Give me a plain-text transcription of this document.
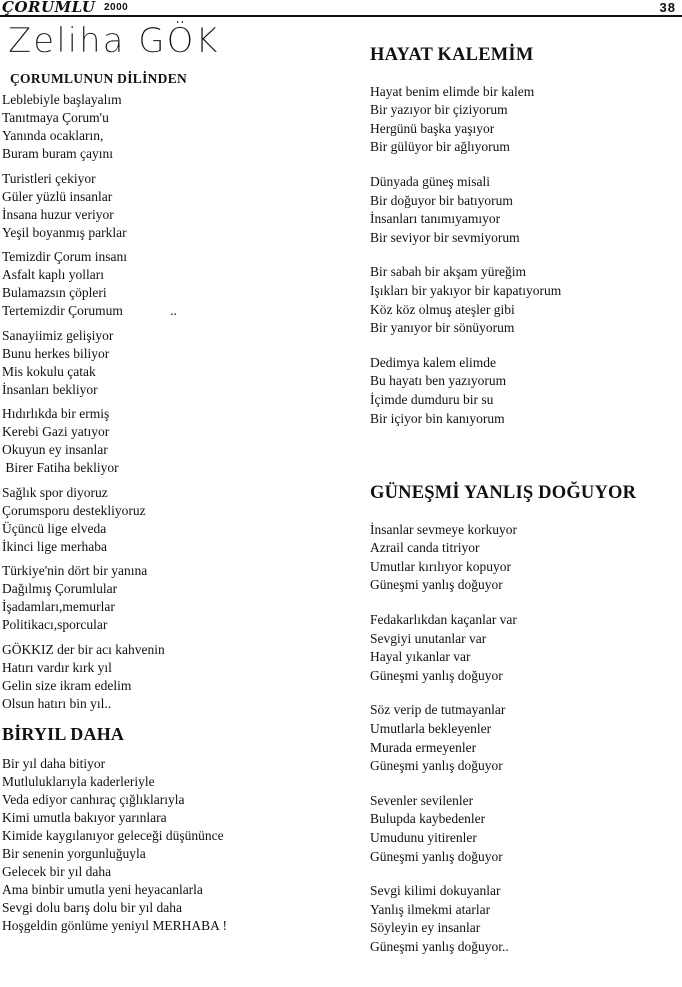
ÇORUMLU 2000	38
Zeliha GÖK
ÇORUMLUNUN DİLİNDEN
Leblebiyle başlayalım
Tanıtmaya Çorum'u
Yanında ocakların,
Buram buram çayını
Turistleri çekiyor
Güler yüzlü insanlar
İnsana huzur veriyor
Yeşil boyanmış parklar
Temizdir Çorum insanı
Asfalt kaplı yolları
Bulamazsın çöpleri
Tertemizdir Çorumum              ..
Sanayiimiz gelişiyor
Bunu herkes biliyor
Mis kokulu çatak
İnsanları bekliyor
Hıdırlıkda bir ermiş
Kerebi Gazi yatıyor
Okuyun ey insanlar
Birer Fatiha bekliyor
Sağlık spor diyoruz
Çorumsporu destekliyoruz
Üçüncü lige elveda
İkinci lige merhaba
Türkiye'nin dört bir yanına
Dağılmış Çorumlular
İşadamları,memurlar
Politikacı,sporcular
GÖKKIZ der bir acı kahvenin
Hatırı vardır kırk yıl
Gelin size ikram edelim
Olsun hatırı bin yıl..
BİRYIL DAHA
Bir yıl daha bitiyor
Mutluluklarıyla kaderleriyle
Veda ediyor canhıraç çığlıklarıyla
Kimi umutla bakıyor yarınlara
Kimide kaygılanıyor geleceği düşününce
Bir senenin yorgunluğuyla
Gelecek bir yıl daha
Ama binbir umutla yeni heyacanlarla
Sevgi dolu barış dolu bir yıl daha
Hoşgeldin gönlüme yeniyıl MERHABA !
HAYAT KALEMİM
Hayat benim elimde bir kalem
Bir yazıyor bir çiziyorum
Hergünü başka yaşıyor
Bir gülüyor bir ağlıyorum
Dünyada güneş misali
Bir doğuyor bir batıyorum
İnsanları tanımıyamıyor
Bir seviyor bir sevmiyorum
Bir sabah bir akşam yüreğim
Işıkları bir yakıyor bir kapatıyorum
Köz köz olmuş ateşler gibi
Bir yanıyor bir sönüyorum
Dedimya kalem elimde
Bu hayatı ben yazıyorum
İçimde dumduru bir su
Bir içiyor bin kanıyorum
GÜNEŞMİ YANLIŞ DOĞUYOR
İnsanlar sevmeye korkuyor
Azrail canda titriyor
Umutlar kırılıyor kopuyor
Güneşmi yanlış doğuyor
Fedakarlıkdan kaçanlar var
Sevgiyi unutanlar var
Hayal yıkanlar var
Güneşmi yanlış doğuyor
Söz verip de tutmayanlar
Umutlarla bekleyenler
Murada ermeyenler
Güneşmi yanlış doğuyor
Sevenler sevilenler
Bulupda kaybedenler
Umudunu yitirenler
Güneşmi yanlış doğuyor
Sevgi kilimi dokuyanlar
Yanlış ilmekmi atarlar
Söyleyin ey insanlar
Güneşmi yanlış doğuyor..
